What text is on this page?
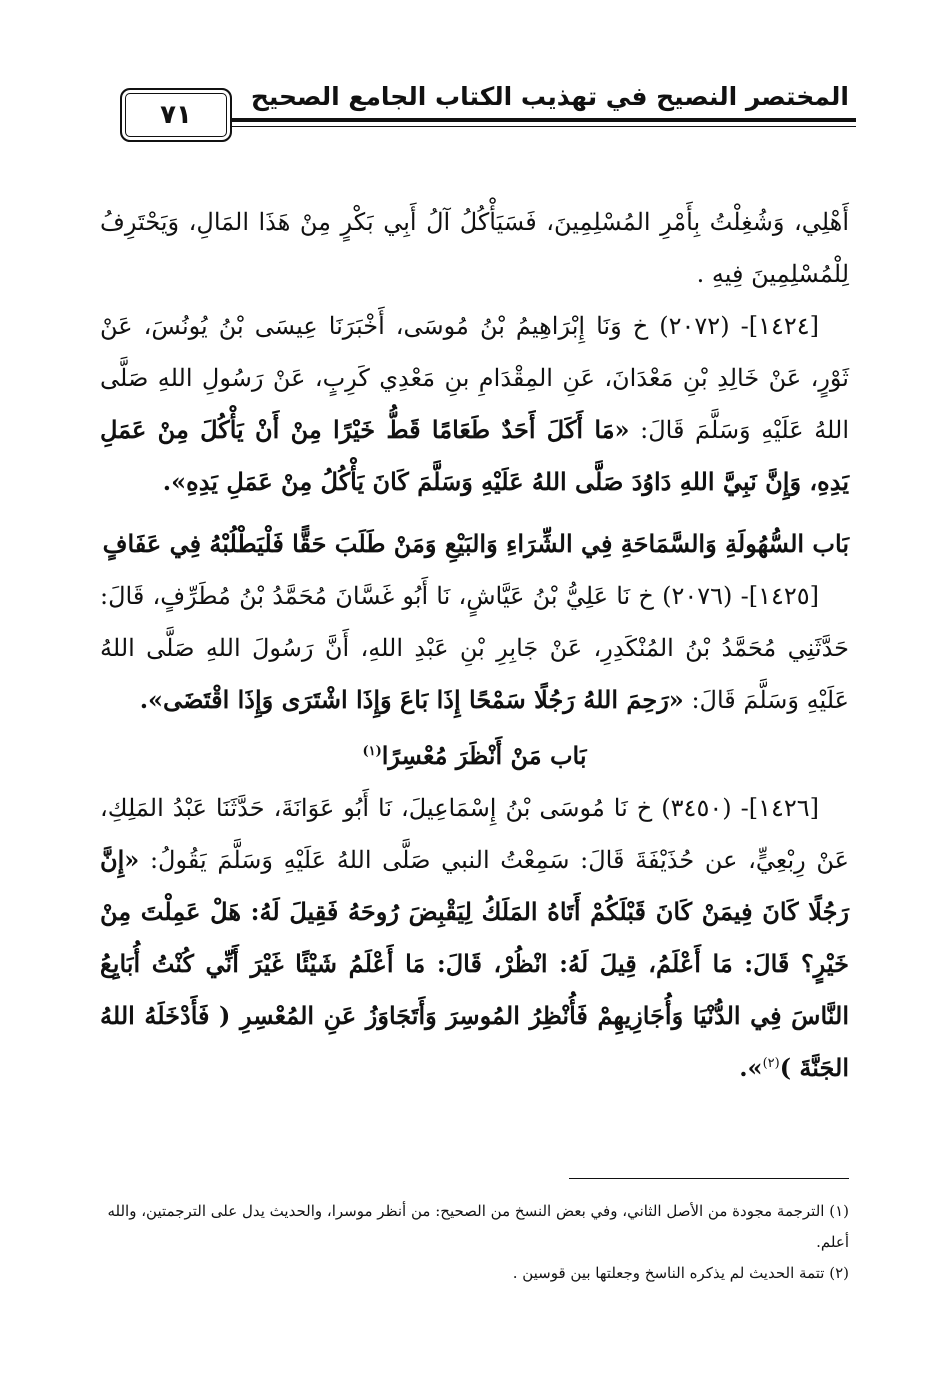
المختصر النصيح في تهذيب الكتاب الجامع الصحيح
٧١

أَهْلِي، وَشُغِلْتُ بِأَمْرِ المُسْلِمِينَ، فَسَيَأْكُلُ آلُ أَبِي بَكْرٍ مِنْ هَذَا المَالِ، وَيَحْتَرِفُ لِلْمُسْلِمِينَ فِيهِ .

[١٤٢٤]- (٢٠٧٢) خ وَنَا إِبْرَاهِيمُ بْنُ مُوسَى، أَخْبَرَنَا عِيسَى بْنُ يُونُسَ، عَنْ ثَوْرٍ، عَنْ خَالِدِ بْنِ مَعْدَانَ، عَنِ المِقْدَامِ بنِ مَعْدِي كَرِبٍ، عَنْ رَسُولِ اللهِ صَلَّى اللهُ عَلَيْهِ وَسَلَّمَ قَالَ: «مَا أَكَلَ أَحَدٌ طَعَامًا قَطُّ خَيْرًا مِنْ أَنْ يَأْكُلَ مِنْ عَمَلِ يَدِهِ، وَإِنَّ نَبِيَّ اللهِ دَاوُدَ صَلَّى اللهُ عَلَيْهِ وَسَلَّمَ كَانَ يَأْكُلُ مِنْ عَمَلِ يَدِهِ».

بَاب السُّهُولَةِ وَالسَّمَاحَةِ فِي الشِّرَاءِ وَالبَيْعِ وَمَنْ طَلَبَ حَقًّا فَلْيَطْلُبْهُ فِي عَفَافٍ

[١٤٢٥]- (٢٠٧٦) خ نَا عَلِيُّ بْنُ عَيَّاشٍ، نَا أَبُو غَسَّانَ مُحَمَّدُ بْنُ مُطَرِّفٍ، قَالَ: حَدَّثَنِي مُحَمَّدُ بْنُ المُنْكَدِرِ، عَنْ جَابِرِ بْنِ عَبْدِ اللهِ، أَنَّ رَسُولَ اللهِ صَلَّى اللهُ عَلَيْهِ وَسَلَّمَ قَالَ: «رَحِمَ اللهُ رَجُلًا سَمْحًا إِذَا بَاعَ وَإِذَا اشْتَرَى وَإِذَا اقْتَضَى».

بَاب مَنْ أَنْظَرَ مُعْسِرًا$^{(١)}$

[١٤٢٦]- (٣٤٥٠) خ نَا مُوسَى بْنُ إِسْمَاعِيلَ، نَا أَبُو عَوَانَةَ، حَدَّثَنَا عَبْدُ المَلِكِ، عَنْ رِبْعِيٍّ، عن حُذَيْفَةَ قَالَ: سَمِعْتُ النبي صَلَّى اللهُ عَلَيْهِ وَسَلَّمَ يَقُولُ: «إِنَّ رَجُلًا كَانَ فِيمَنْ كَانَ قَبْلَكُمْ أَتَاهُ المَلَكُ لِيَقْبِضَ رُوحَهُ فَقِيلَ لَهُ: هَلْ عَمِلْتَ مِنْ خَيْرٍ؟ قَالَ: مَا أَعْلَمُ، قِيلَ لَهُ: انْظُرْ، قَالَ: مَا أَعْلَمُ شَيْئًا غَيْرَ أَنِّي كُنْتُ أُبَايِعُ النَّاسَ فِي الدُّنْيَا وَأُجَازِيهِمْ فَأُنْظِرُ المُوسِرَ وَأَتَجَاوَزُ عَنِ المُعْسِرِ ( فَأَدْخَلَهُ اللهُ الجَنَّةَ )$^{(٢)}$».

(١) الترجمة مجودة من الأصل الثاني، وفي بعض النسخ من الصحيح: من أنظر موسرا، والحديث يدل على الترجمتين، والله أعلم.

(٢) تتمة الحديث لم يذكره الناسخ وجعلتها بين قوسين .
